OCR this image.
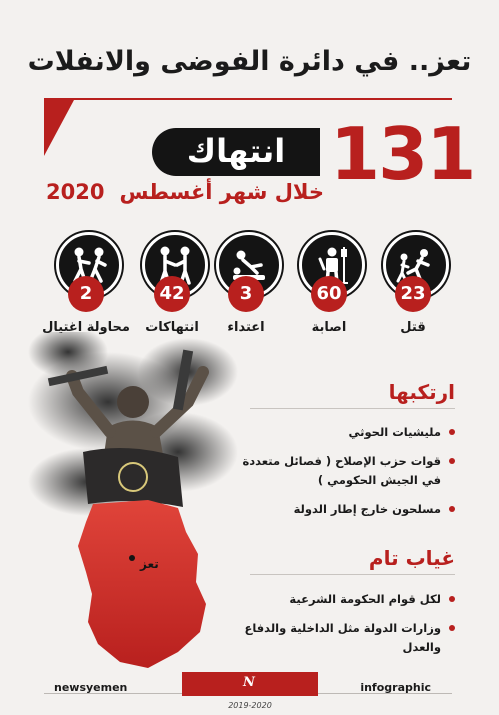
تعز.. في دائرة الفوضى والانفلات
131
انتهاك
خلال شهر أغسطس
2020
23
قتل
60
اصابة
3
اعتداء
42
انتهاكات
2
محاولة اغتيال
تعز
ارتكبها
مليشيات الحوثي
قوات حزب الإصلاح ( فصائل متعددة في الجيش الحكومي )
مسلحون خارج إطار الدولة
غياب تام
لكل قوام الحكومة الشرعية
وزارات الدولة مثل الداخلية والدفاع والعدل
newsyemen	infographic
N
2019-2020
